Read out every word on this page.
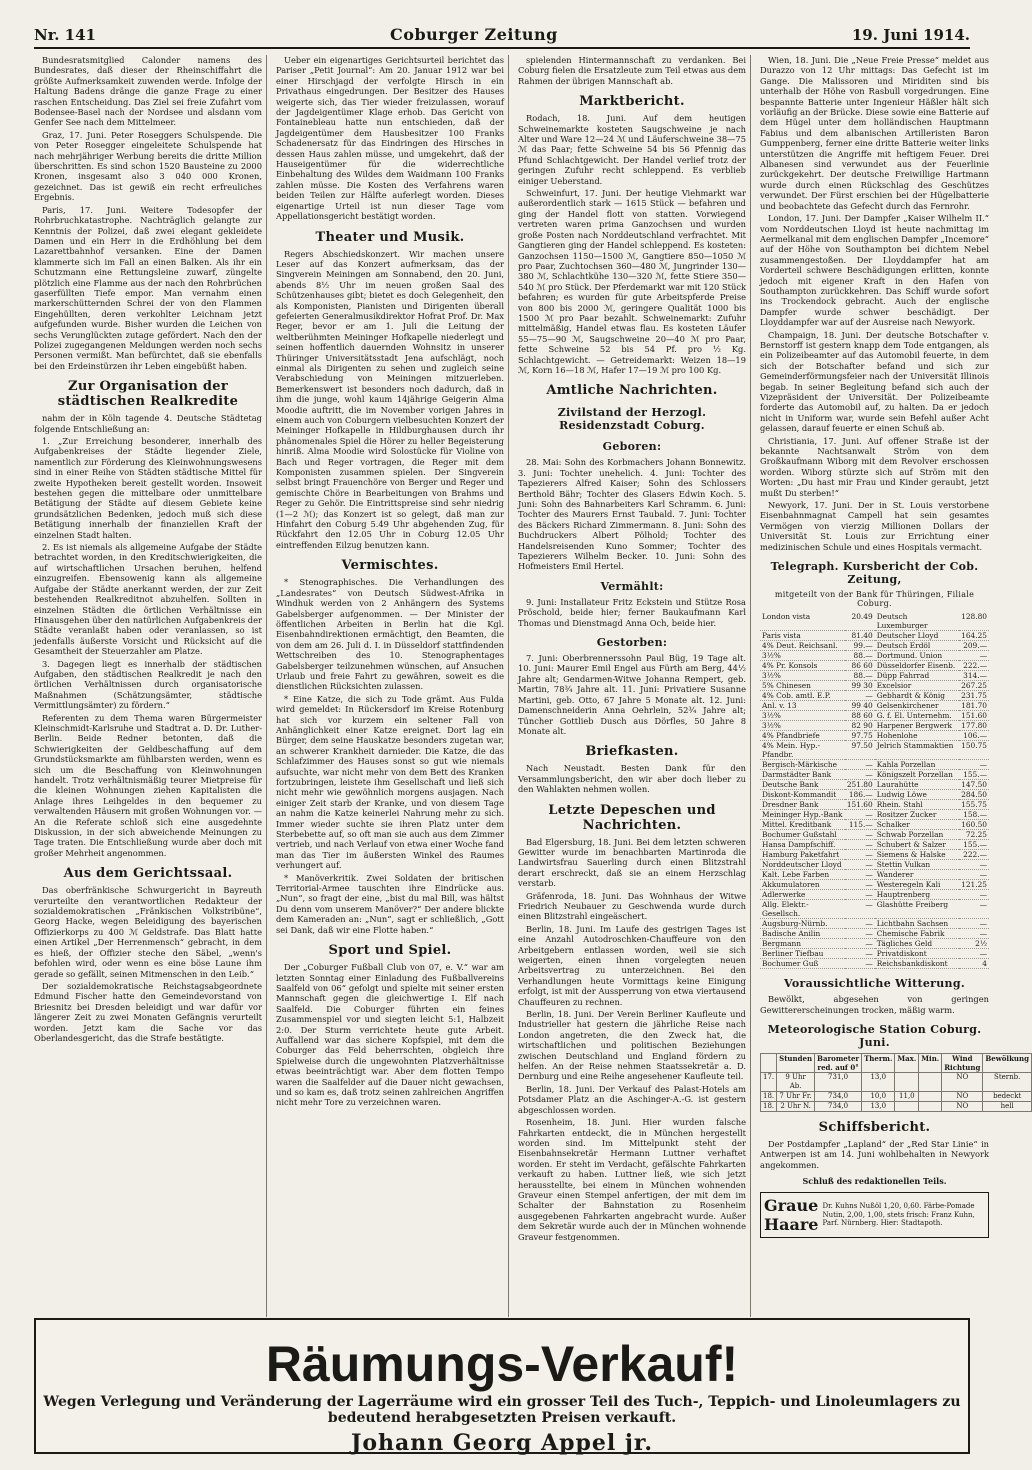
Nr. 141	Coburger Zeitung	19. Juni 1914.

Bundesratsmitglied Calonder namens des Bundesrates, daß dieser der Rheinschiffahrt die größte Aufmerksamkeit zuwenden werde. Infolge der Haltung Badens dränge die ganze Frage zu einer raschen Entscheidung. Das Ziel sei freie Zufahrt vom Bodensee-Basel nach der Nordsee und alsdann vom Genfer See nach dem Mittelmeer.

Graz, 17. Juni. Peter Roseggers Schulspende. Die von Peter Rosegger eingeleitete Schulspende hat nach mehrjähriger Werbung bereits die dritte Million überschritten. Es sind schon 1520 Bausteine zu 2000 Kronen, insgesamt also 3 040 000 Kronen, gezeichnet. Das ist gewiß ein recht erfreuliches Ergebnis.

Paris, 17. Juni. Weitere Todesopfer der Rohrbruchkatastrophe. Nachträglich gelangte zur Kenntnis der Polizei, daß zwei elegant gekleidete Damen und ein Herr in die Erdhöhlung bei dem Lazarettbahnhof versanken. Eine der Damen klammerte sich im Fall an einen Balken. Als ihr ein Schutzmann eine Rettungsleine zuwarf, züngelte plötzlich eine Flamme aus der nach den Rohrbrüchen gaserfüllten Tiefe empor. Man vernahm einen markerschütternden Schrei der von den Flammen Eingehüllten, deren verkohlter Leichnam jetzt aufgefunden wurde. Bisher wurden die Leichen von sechs Verunglückten zutage gefördert. Nach den der Polizei zugegangenen Meldungen werden noch sechs Personen vermißt. Man befürchtet, daß sie ebenfalls bei den Erdeinstürzen ihr Leben eingebüßt haben.

Zur Organisation der städtischen Realkredite

nahm der in Köln tagende 4. Deutsche Städtetag folgende Entschließung an:

1. „Zur Erreichung besonderer, innerhalb des Aufgabenkreises der Städte liegender Ziele, namentlich zur Förderung des Kleinwohnungswesens sind in einer Reihe von Städten städtische Mittel für zweite Hypotheken bereit gestellt worden. Insoweit bestehen gegen die mittelbare oder unmittelbare Betätigung der Städte auf diesem Gebiete keine grundsätzlichen Bedenken, jedoch muß sich diese Betätigung innerhalb der finanziellen Kraft der einzelnen Stadt halten.

2. Es ist niemals als allgemeine Aufgabe der Städte betrachtet worden, in den Kreditschwierigkeiten, die auf wirtschaftlichen Ursachen beruhen, helfend einzugreifen. Ebensowenig kann als allgemeine Aufgabe der Städte anerkannt werden, der zur Zeit bestehenden Realkreditnot abzuhelfen. Sollten in einzelnen Städten die örtlichen Verhältnisse ein Hinausgehen über den natürlichen Aufgabenkreis der Städte veranlaßt haben oder veranlassen, so ist jedenfalls äußerste Vorsicht und Rücksicht auf die Gesamtheit der Steuerzahler am Platze.

3. Dagegen liegt es innerhalb der städtischen Aufgaben, den städtischen Realkredit je nach den örtlichen Verhältnissen durch organisatorische Maßnahmen (Schätzungsämter, städtische Vermittlungsämter) zu fördern.“

Referenten zu dem Thema waren Bürgermeister Kleinschmidt-Karlsruhe und Stadtrat a. D. Dr. Luther-Berlin. Beide Redner betonten, daß die Schwierigkeiten der Geldbeschaffung auf dem Grundstücksmarkte am fühlbarsten werden, wenn es sich um die Beschaffung von Kleinwohnungen handelt. Trotz verhältnismäßig teurer Mietpreise für die kleinen Wohnungen ziehen Kapitalisten die Anlage ihres Leihgeldes in den bequemer zu verwaltenden Häusern mit großen Wohnungen vor. — An die Referate schloß sich eine ausgedehnte Diskussion, in der sich abweichende Meinungen zu Tage traten. Die Entschließung wurde aber doch mit großer Mehrheit angenommen.

Aus dem Gerichtssaal.

Das oberfränkische Schwurgericht in Bayreuth verurteilte den verantwortlichen Redakteur der sozialdemokratischen „Fränkischen Volkstribüne“, Georg Hacke, wegen Beleidigung des bayerischen Offizierkorps zu 400 ℳ Geldstrafe. Das Blatt hatte einen Artikel „Der Herrenmensch“ gebracht, in dem es hieß, der Offizier steche den Säbel, „wenn's befohlen wird, oder wenn es eine böse Laune ihm gerade so gefällt, seinen Mitmenschen in den Leib.“

Der sozialdemokratische Reichstagsabgeordnete Edmund Fischer hatte den Gemeindevorstand von Briesnitz bei Dresden beleidigt und war dafür vor längerer Zeit zu zwei Monaten Gefängnis verurteilt worden. Jetzt kam die Sache vor das Oberlandesgericht, das die Strafe bestätigte.

Ueber ein eigenartiges Gerichtsurteil berichtet das Pariser „Petit Journal“: Am 20. Januar 1912 war bei einer Hirschjagd der verfolgte Hirsch in ein Privathaus eingedrungen. Der Besitzer des Hauses weigerte sich, das Tier wieder freizulassen, worauf der Jagdeigentümer Klage erhob. Das Gericht von Fontainebleau hatte nun entschieden, daß der Jagdeigentümer dem Hausbesitzer 100 Franks Schadenersatz für das Eindringen des Hirsches in dessen Haus zahlen müsse, und umgekehrt, daß der Hauseigentümer für die widerrechtliche Einbehaltung des Wildes dem Waidmann 100 Franks zahlen müsse. Die Kosten des Verfahrens waren beiden Teilen zur Hälfte auferlegt worden. Dieses eigenartige Urteil ist nun dieser Tage vom Appellationsgericht bestätigt worden.

Theater und Musik.

Regers Abschiedskonzert. Wir machen unsere Leser auf das Konzert aufmerksam, das der Singverein Meiningen am Sonnabend, den 20. Juni, abends 8½ Uhr im neuen großen Saal des Schützenhauses gibt; bietet es doch Gelegenheit, den als Komponisten, Pianisten und Dirigenten überall gefeierten Generalmusikdirektor Hofrat Prof. Dr. Max Reger, bevor er am 1. Juli die Leitung der weltberühmten Meininger Hofkapelle niederlegt und seinen hoffentlich dauernden Wohnsitz in unserer Thüringer Universitätsstadt Jena aufschlägt, noch einmal als Dirigenten zu sehen und zugleich seine Verabschiedung von Meiningen mitzuerleben. Bemerkenswert ist besonders noch dadurch, daß in ihm die junge, wohl kaum 14jährige Geigerin Alma Moodie auftritt, die im November vorigen Jahres in einem auch von Coburgern vielbesuchten Konzert der Meininger Hofkapelle in Hildburghausen durch ihr phänomenales Spiel die Hörer zu heller Begeisterung hinriß. Alma Moodie wird Solostücke für Violine von Bach und Reger vortragen, die Reger mit dem Komponisten zusammen spielen. Der Singverein selbst bringt Frauenchöre von Berger und Reger und gemischte Chöre in Bearbeitungen von Brahms und Reger zu Gehör. Die Eintrittspreise sind sehr niedrig (1—2 ℳ); das Konzert ist so gelegt, daß man zur Hinfahrt den Coburg 5.49 Uhr abgehenden Zug, für Rückfahrt den 12.05 Uhr in Coburg 12.05 Uhr eintreffenden Eilzug benutzen kann.

Vermischtes.

* Stenographisches. Die Verhandlungen des „Landesrates“ von Deutsch Südwest-Afrika in Windhuk werden von 2 Anhängern des Systems Gabelsberger aufgenommen. — Der Minister der öffentlichen Arbeiten in Berlin hat die Kgl. Eisenbahndirektionen ermächtigt, den Beamten, die von dem am 26. Juli d. I. in Düsseldorf stattfindenden Wettschreiben des 10. Stenographentages Gabelsberger teilzunehmen wünschen, auf Ansuchen Urlaub und freie Fahrt zu gewähren, soweit es die dienstlichen Rücksichten zulassen.

* Eine Katze, die sich zu Tode grämt. Aus Fulda wird gemeldet: In Rückersdorf im Kreise Rotenburg hat sich vor kurzem ein seltener Fall von Anhänglichkeit einer Katze ereignet. Dort lag ein Bürger, dem seine Hauskatze besonders zugetan war, an schwerer Krankheit darnieder. Die Katze, die das Schlafzimmer des Hauses sonst so gut wie niemals aufsuchte, war nicht mehr von dem Bett des Kranken fortzubringen, leistete ihm Gesellschaft und ließ sich nicht mehr wie gewöhnlich morgens ausjagen. Nach einiger Zeit starb der Kranke, und von diesem Tage an nahm die Katze keinerlei Nahrung mehr zu sich. Immer wieder suchte sie ihren Platz unter dem Sterbebette auf, so oft man sie auch aus dem Zimmer vertrieb, und nach Verlauf von etwa einer Woche fand man das Tier im äußersten Winkel des Raumes verhungert auf.

* Manöverkritik. Zwei Soldaten der britischen Territorial-Armee tauschten ihre Eindrücke aus. „Nun“, so fragt der eine, „bist du mal Bill, was hältst Du denn vom unserem Manöver?“ Der andere blickte dem Kameraden an: „Nun“, sagt er schließlich, „Gott sei Dank, daß wir eine Flotte haben.“

Sport und Spiel.

Der „Coburger Fußball Club von 07, e. V.“ war am letzten Sonntag einer Einladung des Fußballvereins Saalfeld von 06“ gefolgt und spielte mit seiner ersten Mannschaft gegen die gleichwertige I. Elf nach Saalfeld. Die Coburger führten ein feines Zusammenspiel vor und siegten leicht 5:1, Halbzeit 2:0. Der Sturm verrichtete heute gute Arbeit. Auffallend war das sichere Kopfspiel, mit dem die Coburger das Feld beherrschten, obgleich ihre Spielweise durch die ungewohnten Platzverhältnisse etwas beeinträchtigt war. Aber dem flotten Tempo waren die Saalfelder auf die Dauer nicht gewachsen, und so kam es, daß trotz seinen zahlreichen Angriffen nicht mehr Tore zu verzeichnen waren.

spielenden Hintermannschaft zu verdanken. Bei Coburg fielen die Ersatzleute zum Teil etwas aus dem Rahmen der übrigen Mannschaft ab.

Marktbericht.

Rodach, 18. Juni. Auf dem heutigen Schweinemarkte kosteten Saugschweine je nach Alter und Ware 12—24 ℳ und Läuferschweine 38—75 ℳ das Paar; fette Schweine 54 bis 56 Pfennig das Pfund Schlachtgewicht. Der Handel verlief trotz der geringen Zufuhr recht schleppend. Es verblieb einiger Ueberstand.

Schweinfurt, 17. Juni. Der heutige Viehmarkt war außerordentlich stark — 1615 Stück — befahren und ging der Handel flott von statten. Vorwiegend vertreten waren prima Ganzochsen und wurden große Posten nach Norddeutschland verfrachtet. Mit Gangtieren ging der Handel schleppend. Es kosteten: Ganzochsen 1150—1500 ℳ, Gangtiere 850—1050 ℳ pro Paar, Zuchtochsen 360—480 ℳ, Jungrinder 130—380 ℳ, Schlachtkühe 130—320 ℳ, fette Stiere 350—540 ℳ pro Stück. Der Pferdemarkt war mit 120 Stück befahren; es wurden für gute Arbeitspferde Preise von 800 bis 2000 ℳ, geringere Qualität 1000 bis 1500 ℳ pro Paar bezahlt. Schweinemarkt: Zufuhr mittelmäßig, Handel etwas flau. Es kosteten Läufer 55—75—90 ℳ, Saugschweine 20—40 ℳ pro Paar, fette Schweine 52 bis 54 Pf. pro ½ Kg. Schlachtgewicht. — Getreidemarkt: Weizen 18—19 ℳ, Korn 16—18 ℳ, Hafer 17—19 ℳ pro 100 Kg.

Amtliche Nachrichten.
Zivilstand der Herzogl. Residenzstadt Coburg.
Geboren:

28. Mai: Sohn des Korbmachers Johann Bonnewitz. 3. Juni: Tochter unehelich. 4. Juni: Tochter des Tapezierers Alfred Kaiser; Sohn des Schlossers Berthold Bähr; Tochter des Glasers Edwin Koch. 5. Juni: Sohn des Bahnarbeiters Karl Schramm. 6. Juni: Tochter des Maurers Ernst Taubald. 7. Juni: Tochter des Bäckers Richard Zimmermann. 8. Juni: Sohn des Buchdruckers Albert Pölhold; Tochter des Handelsreisenden Kuno Sommer; Tochter des Tapezierers Wilhelm Becker. 10. Juni: Sohn des Hofmeisters Emil Hertel.

Vermählt:

9. Juni: Installateur Fritz Eckstein und Stütze Rosa Pröschold, beide hier; ferner Baukaufmann Karl Thomas und Dienstmagd Anna Och, beide hier.

Gestorben:

7. Juni: Oberbrennerssohn Paul Büg, 19 Tage alt. 10. Juni: Maurer Emil Engel aus Fürth am Berg, 44½ Jahre alt; Gendarmen-Witwe Johanna Rempert, geb. Martin, 78¾ Jahre alt. 11. Juni: Privatiere Susanne Martini, geb. Otto, 67 Jahre 5 Monate alt. 12. Juni: Damenschneiderin Anna Oehrlein, 52¾ Jahre alt; Tüncher Gottlieb Dusch aus Dörfles, 50 Jahre 8 Monate alt.

Briefkasten.

Nach Neustadt. Besten Dank für den Versammlungsbericht, den wir aber doch lieber zu den Wahlakten nehmen wollen.

Letzte Depeschen und Nachrichten.

Bad Elgersburg, 18. Juni. Bei dem letzten schweren Gewitter wurde im benachbarten Martinroda die Landwirtsfrau Sauerling durch einen Blitzstrahl derart erschreckt, daß sie an einem Herzschlag verstarb.

Gräfenroda, 18. Juni. Das Wohnhaus der Witwe Friedrich Neubauer zu Geschwenda wurde durch einen Blitzstrahl eingeäschert.

Berlin, 18. Juni. Im Laufe des gestrigen Tages ist eine Anzahl Autodroschken-Chauffeure von den Arbeitgebern entlassen worden, weil sie sich weigerten, einen ihnen vorgelegten neuen Arbeitsvertrag zu unterzeichnen. Bei den Verhandlungen heute Vormittags keine Einigung erfolgt, ist mit der Aussperrung von etwa viertausend Chauffeuren zu rechnen.

Berlin, 18. Juni. Der Verein Berliner Kaufleute und Industrieller hat gestern die jährliche Reise nach London angetreten, die den Zweck hat, die wirtschaftlichen und politischen Beziehungen zwischen Deutschland und England fördern zu helfen. An der Reise nehmen Staatssekretär a. D. Dernburg und eine Reihe angesehener Kaufleute teil.

Berlin, 18. Juni. Der Verkauf des Palast-Hotels am Potsdamer Platz an die Aschinger-A.-G. ist gestern abgeschlossen worden.

Rosenheim, 18. Juni. Hier wurden falsche Fahrkarten entdeckt, die in München hergestellt worden sind. Im Mittelpunkt steht der Eisenbahnsekretär Hermann Luttner verhaftet worden. Er steht im Verdacht, gefälschte Fahrkarten verkauft zu haben. Luttner ließ, wie sich jetzt herausstellte, bei einem in München wohnenden Graveur einen Stempel anfertigen, der mit dem im Schalter der Bahnstation zu Rosenheim ausgegebenen Fahrkarten angebracht wurde. Außer dem Sekretär wurde auch der in München wohnende Graveur festgenommen.

Wien, 18. Juni. Die „Neue Freie Presse“ meldet aus Durazzo von 12 Uhr mittags: Das Gefecht ist im Gange. Die Malissoren und Miriditen sind bis unterhalb der Höhe von Rasbull vorgedrungen. Eine bespannte Batterie unter Ingenieur Häßler hält sich vorläufig an der Brücke. Diese sowie eine Batterie auf dem Hügel unter dem holländischen Hauptmann Fabius und dem albanischen Artilleristen Baron Gumppenberg, ferner eine dritte Batterie weiter links unterstützen die Angriffe mit heftigem Feuer. Drei Albanesen sind verwundet aus der Feuerlinie zurückgekehrt. Der deutsche Freiwillige Hartmann wurde durch einen Rückschlag des Geschützes verwundet. Der Fürst erschien bei der Hügelbatterie und beobachtete das Gefecht durch das Fernrohr.

London, 17. Juni. Der Dampfer „Kaiser Wilhelm II.“ vom Norddeutschen Lloyd ist heute nachmittag im Aermelkanal mit dem englischen Dampfer „Incemore“ auf der Höhe von Southampton bei dichtem Nebel zusammengestoßen. Der Lloyddampfer hat am Vorderteil schwere Beschädigungen erlitten, konnte jedoch mit eigener Kraft in den Hafen von Southampton zurückkehren. Das Schiff wurde sofort ins Trockendock gebracht. Auch der englische Dampfer wurde schwer beschädigt. Der Lloyddampfer war auf der Ausreise nach Newyork.

Champaign, 18. Juni. Der deutsche Botschafter v. Bernstorff ist gestern knapp dem Tode entgangen, als ein Polizeibeamter auf das Automobil feuerte, in dem sich der Botschafter befand und sich zur Gemeinderförmungsfeier nach der Universität Illinois begab. In seiner Begleitung befand sich auch der Vizepräsident der Universität. Der Polizeibeamte forderte das Automobil auf, zu halten. Da er jedoch nicht in Uniform war, wurde sein Befehl außer Acht gelassen, darauf feuerte er einen Schuß ab.

Christiania, 17. Juni. Auf offener Straße ist der bekannte Nachtsanwalt Ström von dem Großkaufmann Wiborg mit dem Revolver erschossen worden. Wiborg stürzte sich auf Ström mit den Worten: „Du hast mir Frau und Kinder geraubt, jetzt mußt Du sterben!“

Newyork, 17. Juni. Der in St. Louis verstorbene Eisenbahnmagnat Campell hat sein gesamtes Vermögen von vierzig Millionen Dollars der Universität St. Louis zur Errichtung einer medizinischen Schule und eines Hospitals vermacht.

Telegraph. Kursbericht der Cob. Zeitung,
mitgeteilt von der Bank für Thüringen, Filiale Coburg.
London vista	20.49	Deutsch Luxemburger	128.80
Paris vista	81.40	Deutscher Lloyd	164.25
4% Deut. Reichsanl.	99.—	Deutsch Erdöl	209.—
3½%	88.—	Dortmund. Union	—
4% Pr. Konsols	86 60	Düsseldorfer Eisenb.	222.—
3½%	88.—	Düpp Fahrrad	314.—
5% Chinesen	99 30	Excelsior	267.25
4% Cob. amtl. E.P.	—	Gebhardt & König	231.75
Anl. v. 13	99 40	Gelsenkirchener	181.70
3½%	88 60	G. f. El. Unternehm.	151.60
3½%	82 90	Harpener Bergwerk	177.80
4% Pfandbriefe	97.75	Hohenlohe	106.—
4% Mein. Hyp.-Pfandbr.	97.50	Jelrich Stammaktien	150.75
Bergisch-Märkische	—	Kahla Porzellan	—
Darmstädter Bank	—	Königszelt Porzellan	155.—
Deutsche Bank	251.80	Laurahütte	147.50
Diskont-Kommandit	186.—	Ludwig Löwe	284.50
Dresdner Bank	151.60	Rhein. Stahl	155.75
Meininger Hyp.-Bank	—	Rositzer Zucker	158.—
Mittel. Kreditbank	115.—	Schalker	160.50
Bochumer Gußstahl	—	Schwab Porzellan	72.25
Hansa Dampfschiff.	—	Schubert & Salzer	155.—
Hamburg Paketfahrt	—	Siemens & Halske	222.—
Norddeutscher Lloyd	—	Stettin Vulkan	—
Kalt. Lebe Farben	—	Wanderer	—
Akkumulatoren	—	Westeregeln Kali	121.25
Adlerwerke	—	Hauptrenberg	—
Allg. Elektr.-Gesellsch.	—	Glashütte Freiberg	—
Augsburg-Nürnb.	—	Lichtbahn Sachsen	—
Badische Anilin	—	Chemische Fabrik	—
Bergmann	—	Tägliches Geld	2½
Berliner Tiefbau	—	Privatdiskont	—
Bochumer Guß	—	Reichsbankdiskont	4
Voraussichtliche Witterung.

Bewölkt, abgesehen von geringen Gewittererscheinungen trocken, mäßig warm.

Meteorologische Station Coburg. Juni.
	Stunden	Barometer red. auf 0°	Therm.	Max.	Min.	Wind Richtung	Bewölkung
17.	9 Uhr Ab.	731,0	13,0			NO	Sternb.
18.	7 Uhr Fr.	734,0	10,0	11,0		NO	bedeckt
18.	2 Uhr N.	734,0	13,0			NO	hell
Schiffsbericht.

Der Postdampfer „Lapland“ der „Red Star Linie“ in Antwerpen ist am 14. Juni wohlbehalten in Newyork angekommen.

Schluß des redaktionellen Teils.
Graue Haare
Dr. Kuhns Nußöl 1,20, 0,60. Färbe-Pomade Nutin, 2,00, 1,00, stets frisch: Franz Kuhn, Parf. Nürnberg. Hier: Stadtapoth.
Räumungs-Verkauf!
Wegen Verlegung und Veränderung der Lagerräume wird ein grosser Teil des Tuch-, Teppich- und Linoleumlagers zu bedeutend herabgesetzten Preisen verkauft.
Johann Georg Appel jr.
